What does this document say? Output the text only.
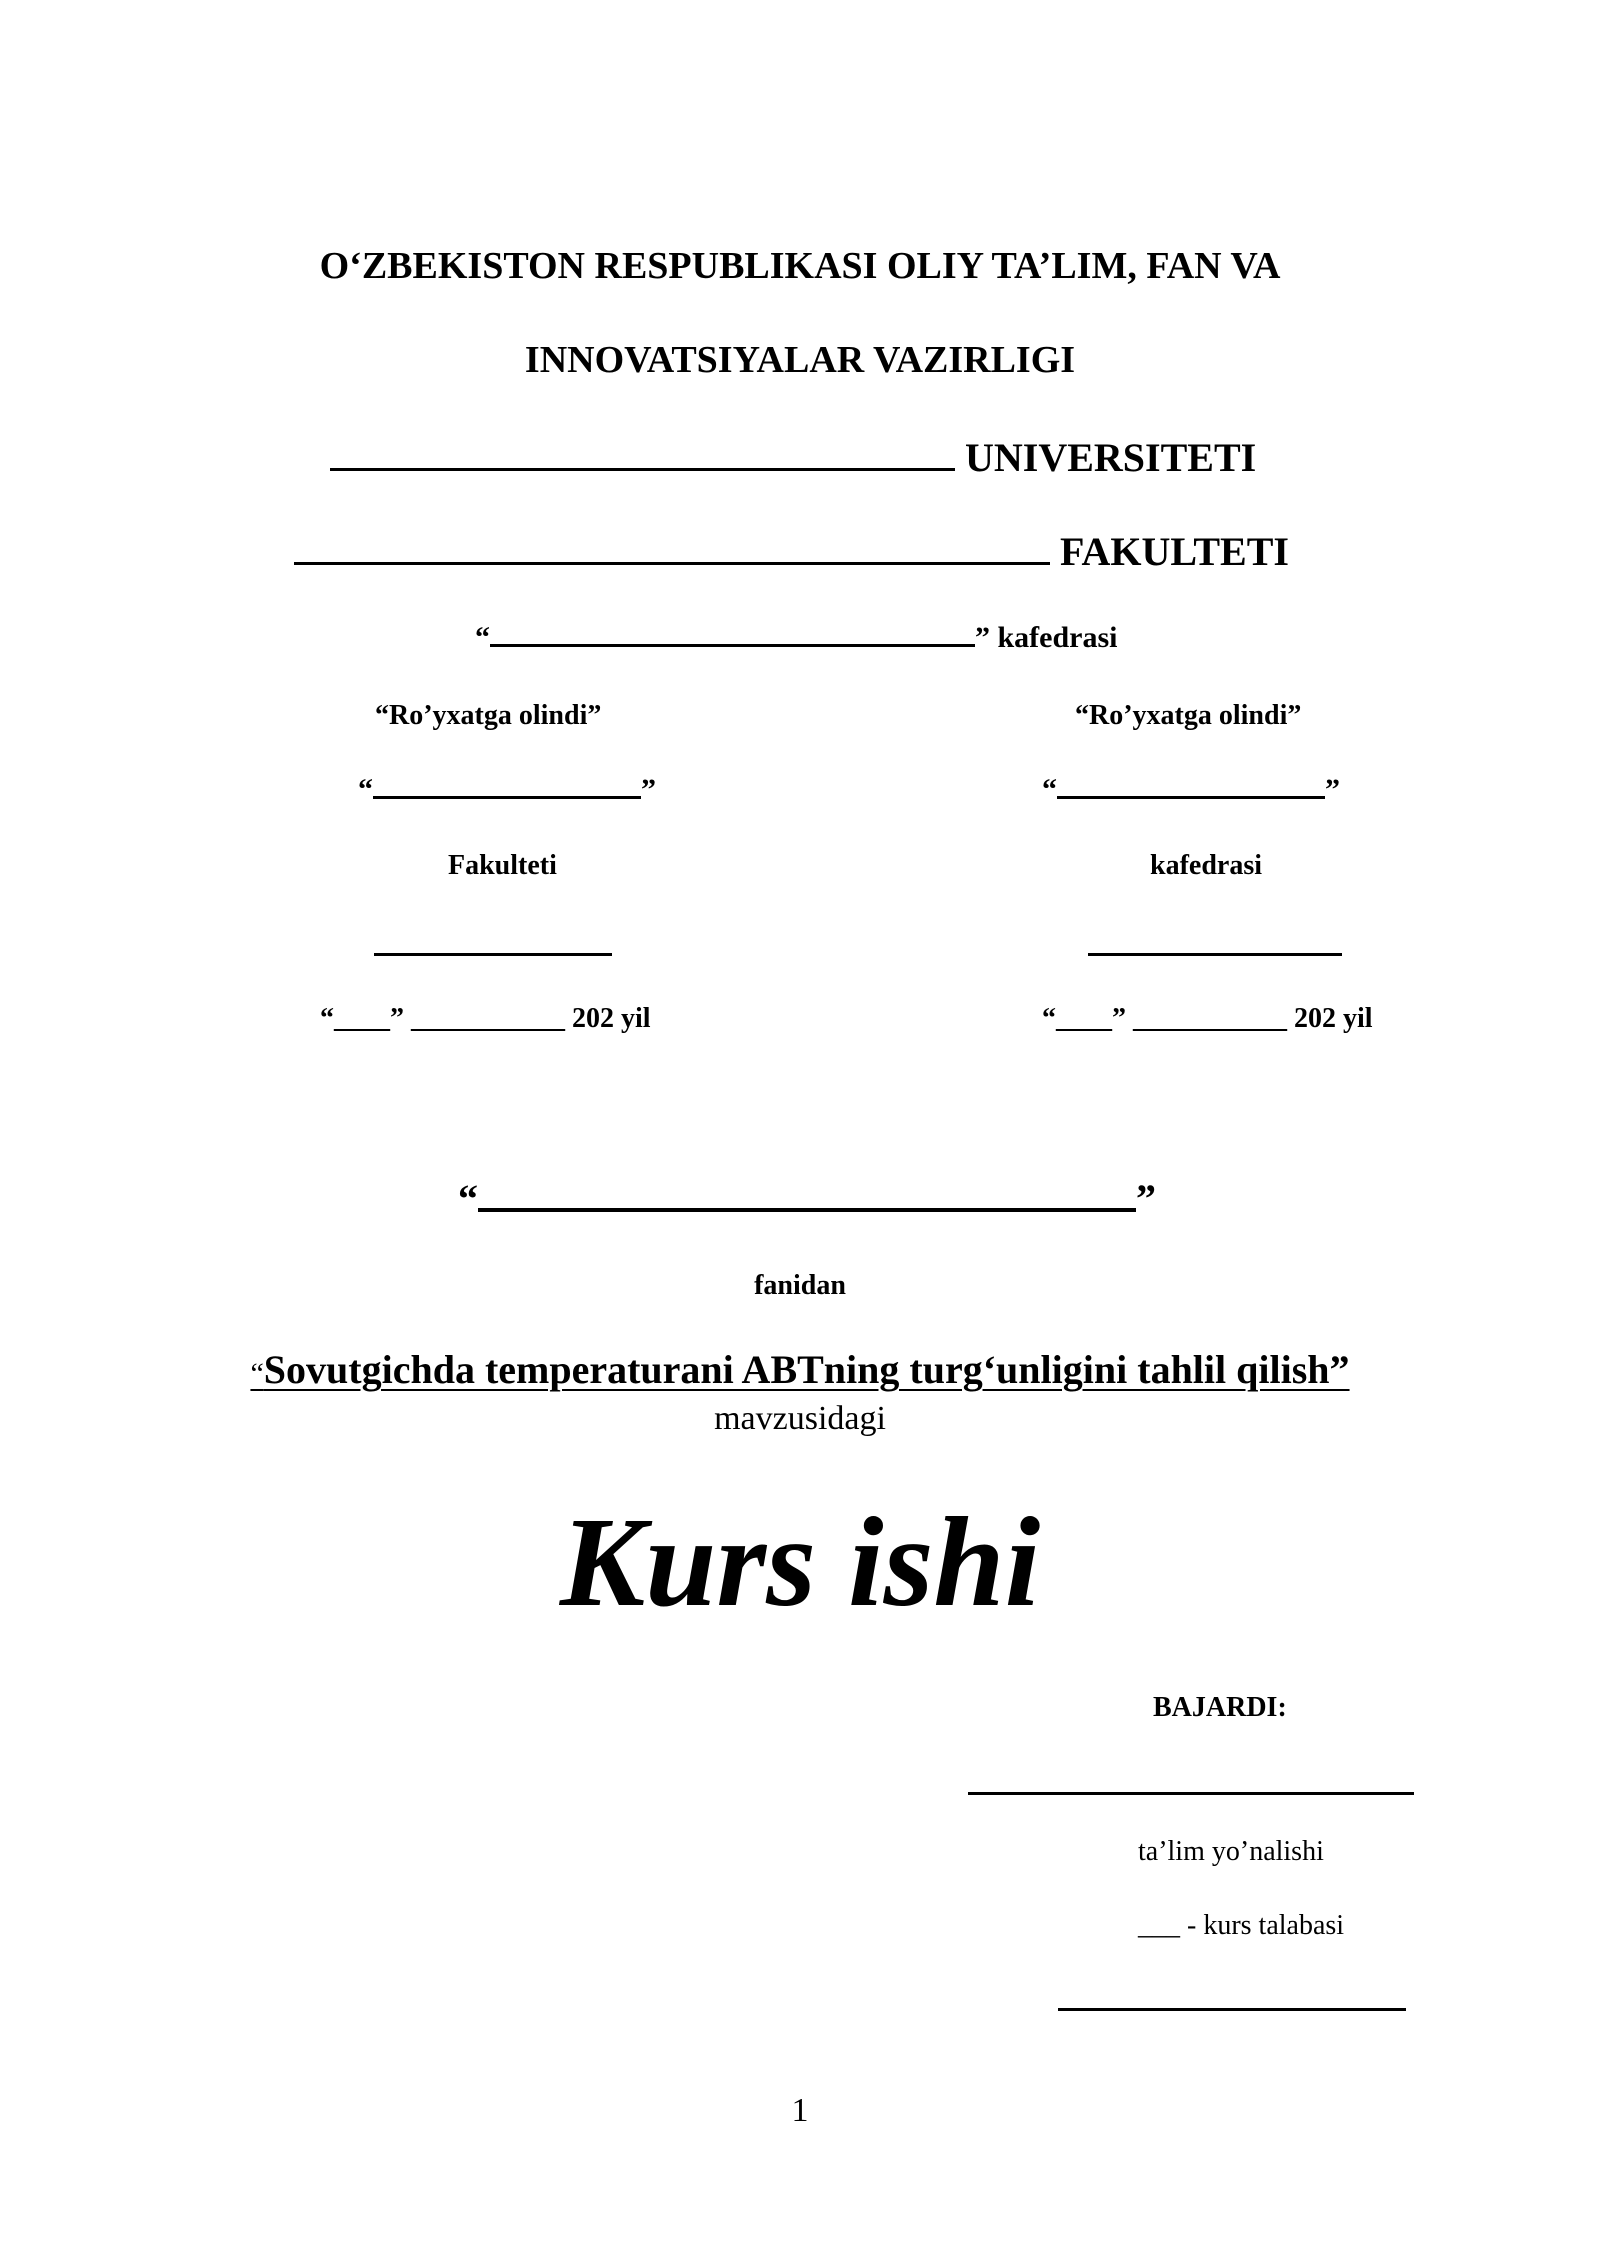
O‘ZBEKISTON RESPUBLIKASI OLIY TA’LIM, FAN VA
INNOVATSIYALAR VAZIRLIGI
UNIVERSITETI
FAKULTETI
“	” kafedrasi
“Ro’yxatga olindi”
“	”
Fakulteti
“____” ___________ 202 yil
“Ro’yxatga olindi”
“	”
kafedrasi
“____” ___________ 202 yil
“	”
fanidan
“Sovutgichda temperaturani ABTning turg‘unligini tahlil qilish”
mavzusidagi
Kurs ishi
BAJARDI:
ta’lim yo’nalishi
___ - kurs talabasi
1
